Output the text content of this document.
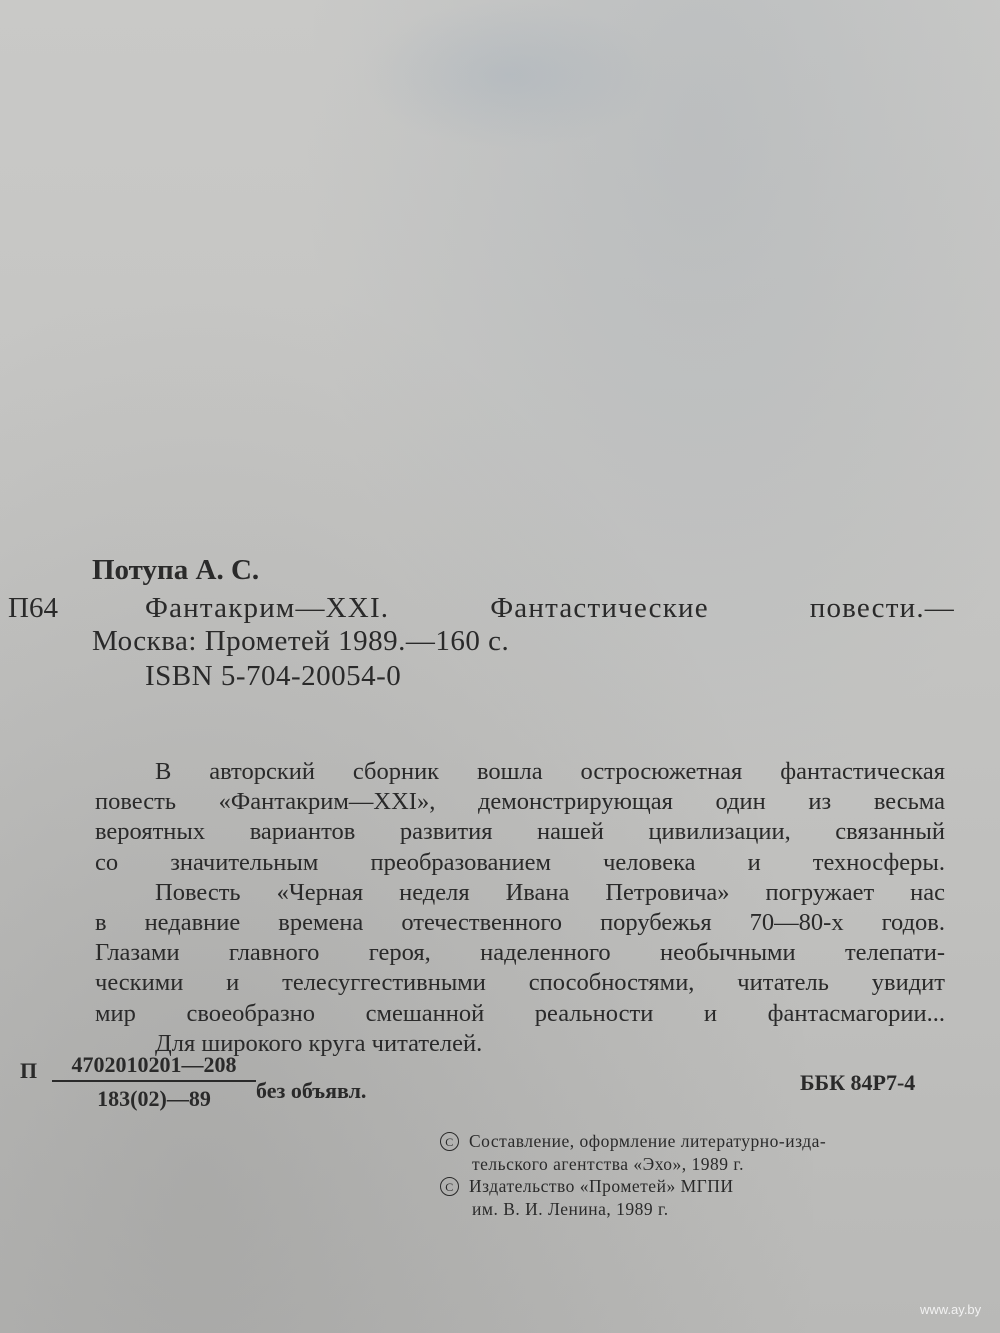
Потупа А. С.
П64	Фантакрим—XXI.	Фантастические	повести.—
Москва: Прометей 1989.—160 с.
ISBN 5-704-20054-0
В авторский сборник вошла остросюжетная фантастическая
повесть «Фантакрим—XXI», демонстрирующая один из весьма
вероятных вариантов развития нашей цивилизации, связанный
со значительным преобразованием человека и техносферы.
Повесть «Черная неделя Ивана Петровича» погружает нас
в недавние времена отечественного порубежья 70—80-х годов.
Глазами главного героя, наделенного необычными телепати-
ческими и телесуггестивными способностями, читатель увидит
мир своеобразно смешанной реальности и фантасмагории...
Для широкого круга читателей.
П $\frac{4702010201—208}{183(02)—89}$ без объявл.	ББК 84Р7-4
C Составление, оформление литературно-изда-
тельского агентства «Эхо», 1989 г.
C Издательство «Прометей» МГПИ
им. В. И. Ленина, 1989 г.
www.ay.by
